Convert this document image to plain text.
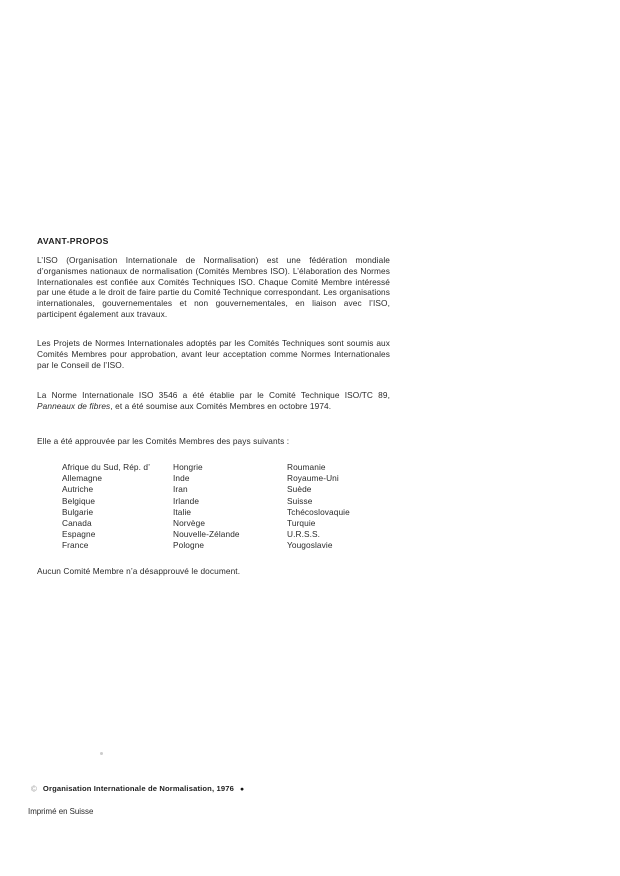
AVANT-PROPOS

L’ISO (Organisation Internationale de Normalisation) est une fédération mondiale d’organismes nationaux de normalisation (Comités Membres ISO). L’élaboration des Normes Internationales est confiée aux Comités Techniques ISO. Chaque Comité Membre intéressé par une étude a le droit de faire partie du Comité Technique correspondant. Les organisations internationales, gouvernementales et non gouvernementales, en liaison avec l’ISO, participent également aux travaux.

Les Projets de Normes Internationales adoptés par les Comités Techniques sont soumis aux Comités Membres pour approbation, avant leur acceptation comme Normes Internationales par le Conseil de l’ISO.

La Norme Internationale ISO 3546 a été établie par le Comité Technique ISO/TC 89, Panneaux de fibres, et a été soumise aux Comités Membres en octobre 1974.

Elle a été approuvée par les Comités Membres des pays suivants :

Afrique du Sud, Rép. d’
Allemagne
Autriche
Belgique
Bulgarie
Canada
Espagne
France
Hongrie
Inde
Iran
Irlande
Italie
Norvège
Nouvelle-Zélande
Pologne
Roumanie
Royaume-Uni
Suède
Suisse
Tchécoslovaquie
Turquie
U.R.S.S.
Yougoslavie

Aucun Comité Membre n’a désapprouvé le document.

© Organisation Internationale de Normalisation, 1976 ●

Imprimé en Suisse
